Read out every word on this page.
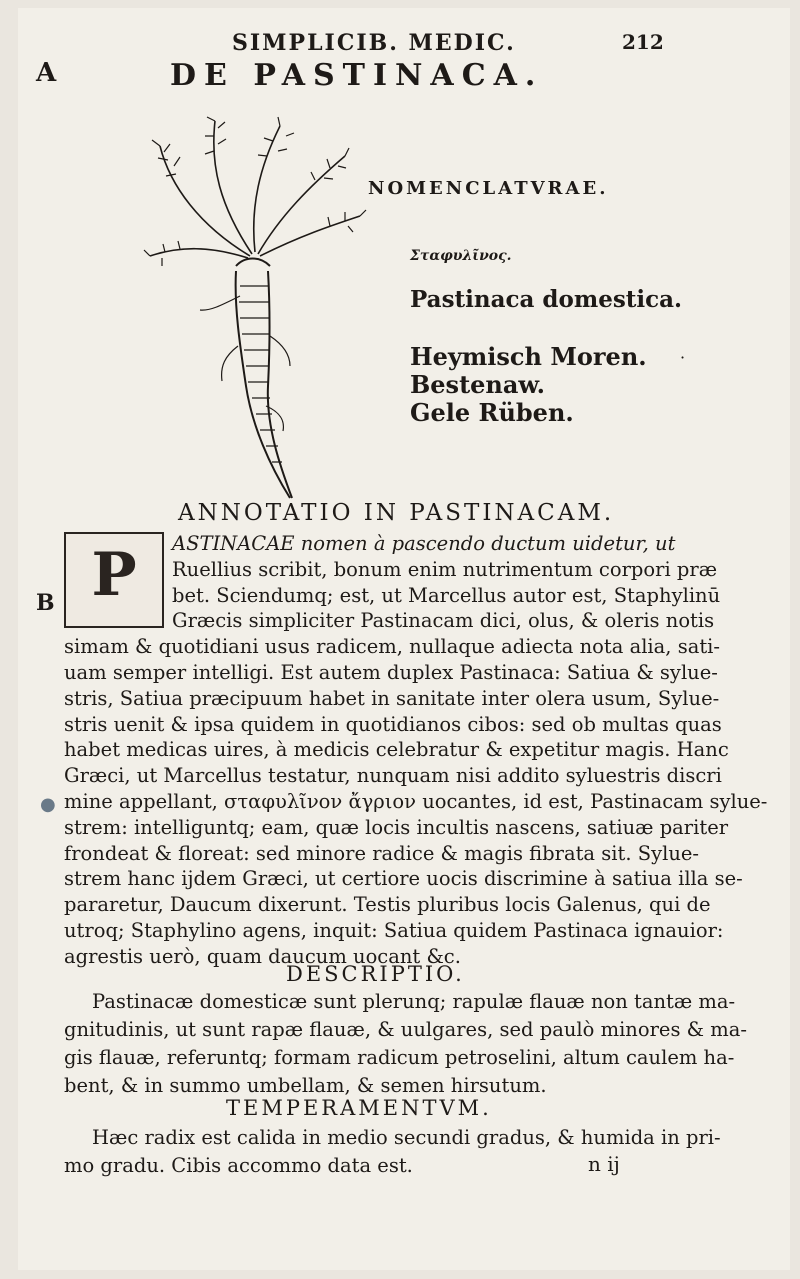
SIMPLICIB. MEDIC.	212
A	DE PASTINACA.
NOMENCLATVRAE.
Σταφυλῖνος.
Pastinaca domestica.
Heymisch Moren.
Bestenaw.
Gele Rüben.
·
ANNOTATIO IN PASTINACAM.
P
B
●
ASTINACAE nomen à pascendo ductum uidetur, ut
Ruellius scribit, bonum enim nutrimentum corpori præ
bet. Sciendumq; est, ut Marcellus autor est, Staphylinū
Græcis simpliciter Pastinacam dici, olus, & oleris notis
simam & quotidiani usus radicem, nullaque adiecta nota alia, sati-
uam semper intelligi. Est autem duplex Pastinaca: Satiua & sylue-
stris, Satiua præcipuum habet in sanitate inter olera usum, Sylue-
stris uenit & ipsa quidem in quotidianos cibos: sed ob multas quas
habet medicas uires, à medicis celebratur & expetitur magis. Hanc
Græci, ut Marcellus testatur, nunquam nisi addito syluestris discri
mine appellant, σταφυλῖνον ἄγριον uocantes, id est, Pastinacam sylue-
strem: intelliguntq; eam, quæ locis incultis nascens, satiuæ pariter
frondeat & floreat: sed minore radice & magis fibrata sit. Sylue-
strem hanc ijdem Græci, ut certiore uocis discrimine à satiua illa se-
pararetur, Daucum dixerunt. Testis pluribus locis Galenus, qui de
utroq; Staphylino agens, inquit: Satiua quidem Pastinaca ignauior:
agrestis uerò, quam daucum uocant &c.
DESCRIPTIO.
Pastinacæ domesticæ sunt plerunq; rapulæ flauæ non tantæ ma-
gnitudinis, ut sunt rapæ flauæ, & uulgares, sed paulò minores & ma-
gis flauæ, referuntq; formam radicum petroselini, altum caulem ha-
bent, & in summo umbellam, & semen hirsutum.
TEMPERAMENTVM.
Hæc radix est calida in medio secundi gradus, & humida in pri-
mo gradu. Cibis accommo data est.	n ij
